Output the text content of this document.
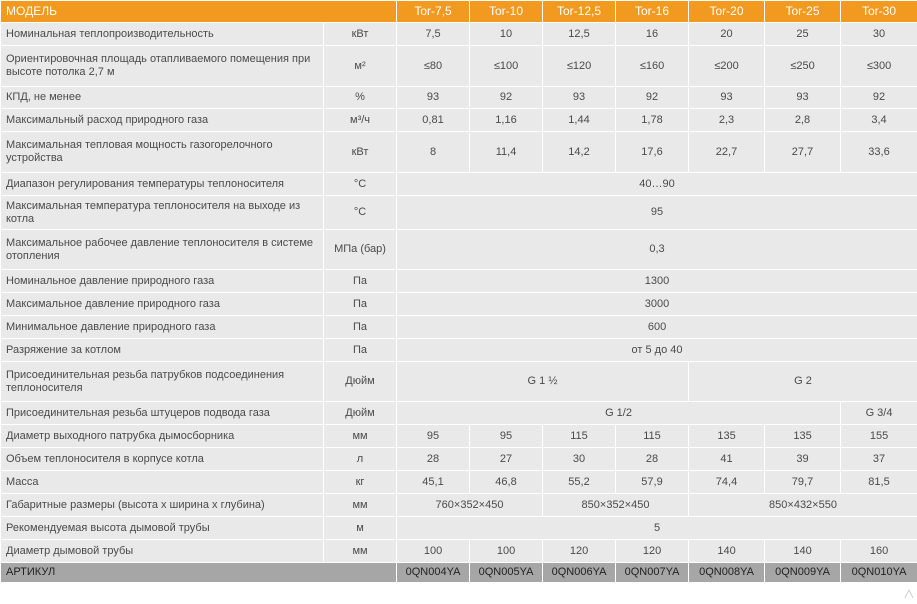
МОДЕЛЬ		Tor-7,5	Tor-10	Tor-12,5	Tor-16	Tor-20	Tor-25	Tor-30
Номинальная теплопроизводительность	кВт	7,5	10	12,5	16	20	25	30
Ориентировочная площадь отапливаемого помещения при высоте потолка 2,7 м	м²	≤80	≤100	≤120	≤160	≤200	≤250	≤300
КПД, не менее	%	93	92	93	92	93	93	92
Максимальный расход природного газа	м³/ч	0,81	1,16	1,44	1,78	2,3	2,8	3,4
Максимальная тепловая мощность газогорелочного устройства	кВт	8	11,4	14,2	17,6	22,7	27,7	33,6
Диапазон регулирования температуры теплоносителя	°С	40…90						
Максимальная температура теплоносителя на выходе из котла	°С	95						
Максимальное рабочее давление теплоносителя в системе отопления	МПа (бар)	0,3						
Номинальное давление природного газа	Па	1300						
Максимальное давление природного газа	Па	3000						
Минимальное давление природного газа	Па	600						
Разряжение за котлом	Па	от 5 до 40						
Присоединительная резьба патрубков подсоединения теплоносителя	Дюйм	G 1 ½				G 2		
Присоединительная резьба штуцеров подвода газа	Дюйм	G 1/2						G 3/4
Диаметр выходного патрубка дымосборника	мм	95	95	115	115	135	135	155
Объем теплоносителя в корпусе котла	л	28	27	30	28	41	39	37
Масса	кг	45,1	46,8	55,2	57,9	74,4	79,7	81,5
Габаритные размеры (высота х ширина х глубина)	мм	760×352×450		850×352×450		850×432×550		
Рекомендуемая высота дымовой трубы	м	5						
Диаметр дымовой трубы	мм	100	100	120	120	140	140	160
АРТИКУЛ		0QN004YA	0QN005YA	0QN006YA	0QN007YA	0QN008YA	0QN009YA	0QN010YA
